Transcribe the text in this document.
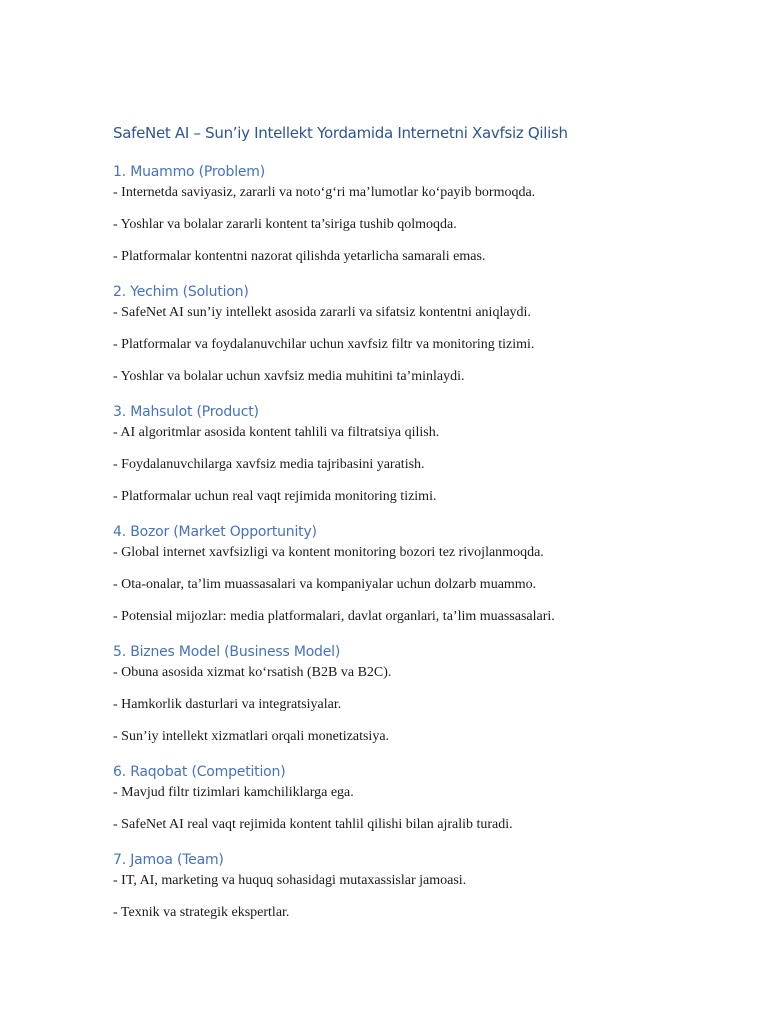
SafeNet AI – Sun’iy Intellekt Yordamida Internetni Xavfsiz Qilish
1. Muammo (Problem)

- Internetda saviyasiz, zararli va noto‘g‘ri ma’lumotlar ko‘payib bormoqda.

- Yoshlar va bolalar zararli kontent ta’siriga tushib qolmoqda.

- Platformalar kontentni nazorat qilishda yetarlicha samarali emas.

2. Yechim (Solution)

- SafeNet AI sun’iy intellekt asosida zararli va sifatsiz kontentni aniqlaydi.

- Platformalar va foydalanuvchilar uchun xavfsiz filtr va monitoring tizimi.

- Yoshlar va bolalar uchun xavfsiz media muhitini ta’minlaydi.

3. Mahsulot (Product)

- AI algoritmlar asosida kontent tahlili va filtratsiya qilish.

- Foydalanuvchilarga xavfsiz media tajribasini yaratish.

- Platformalar uchun real vaqt rejimida monitoring tizimi.

4. Bozor (Market Opportunity)

- Global internet xavfsizligi va kontent monitoring bozori tez rivojlanmoqda.

- Ota-onalar, ta’lim muassasalari va kompaniyalar uchun dolzarb muammo.

- Potensial mijozlar: media platformalari, davlat organlari, ta’lim muassasalari.

5. Biznes Model (Business Model)

- Obuna asosida xizmat ko‘rsatish (B2B va B2C).

- Hamkorlik dasturlari va integratsiyalar.

- Sun’iy intellekt xizmatlari orqali monetizatsiya.

6. Raqobat (Competition)

- Mavjud filtr tizimlari kamchiliklarga ega.

- SafeNet AI real vaqt rejimida kontent tahlil qilishi bilan ajralib turadi.

7. Jamoa (Team)

- IT, AI, marketing va huquq sohasidagi mutaxassislar jamoasi.

- Texnik va strategik ekspertlar.
